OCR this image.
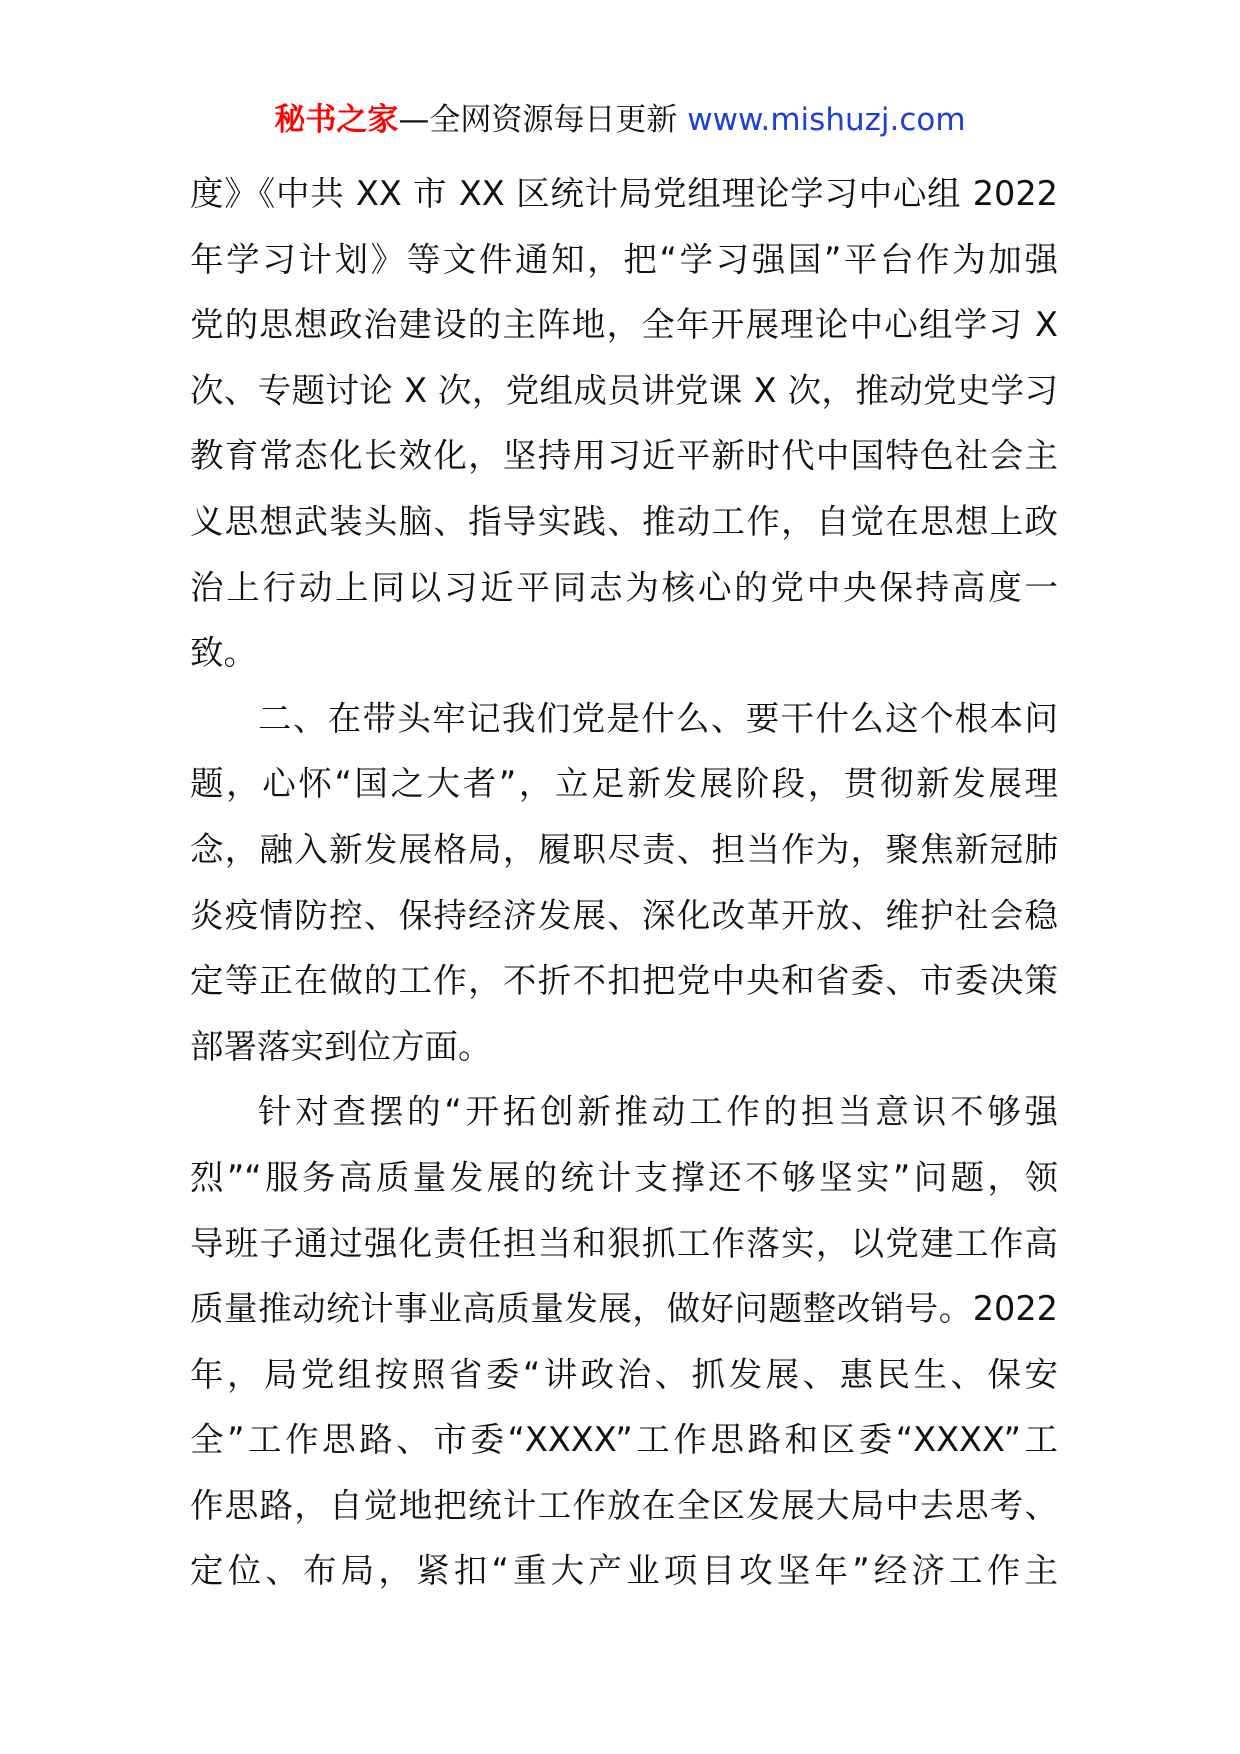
秘书之家—全网资源每日更新 www.mishuzj.com
度》《中共 XX 市 XX 区统计局党组理论学习中心组 2022
年学习计划》等文件通知，把“学习强国”平台作为加强
党的思想政治建设的主阵地，全年开展理论中心组学习 X
次、专题讨论 X 次，党组成员讲党课 X 次，推动党史学习
教育常态化长效化，坚持用习近平新时代中国特色社会主
义思想武装头脑、指导实践、推动工作，自觉在思想上政
治上行动上同以习近平同志为核心的党中央保持高度一
致。
二、在带头牢记我们党是什么、要干什么这个根本问
题，心怀“国之大者”，立足新发展阶段，贯彻新发展理
念，融入新发展格局，履职尽责、担当作为，聚焦新冠肺
炎疫情防控、保持经济发展、深化改革开放、维护社会稳
定等正在做的工作，不折不扣把党中央和省委、市委决策
部署落实到位方面。
针对查摆的“开拓创新推动工作的担当意识不够强
烈”“服务高质量发展的统计支撑还不够坚实”问题，领
导班子通过强化责任担当和狠抓工作落实，以党建工作高
质量推动统计事业高质量发展，做好问题整改销号。2022
年，局党组按照省委“讲政治、抓发展、惠民生、保安
全”工作思路、市委“XXXX”工作思路和区委“XXXX”工
作思路，自觉地把统计工作放在全区发展大局中去思考、
定位、布局，紧扣“重大产业项目攻坚年”经济工作主
